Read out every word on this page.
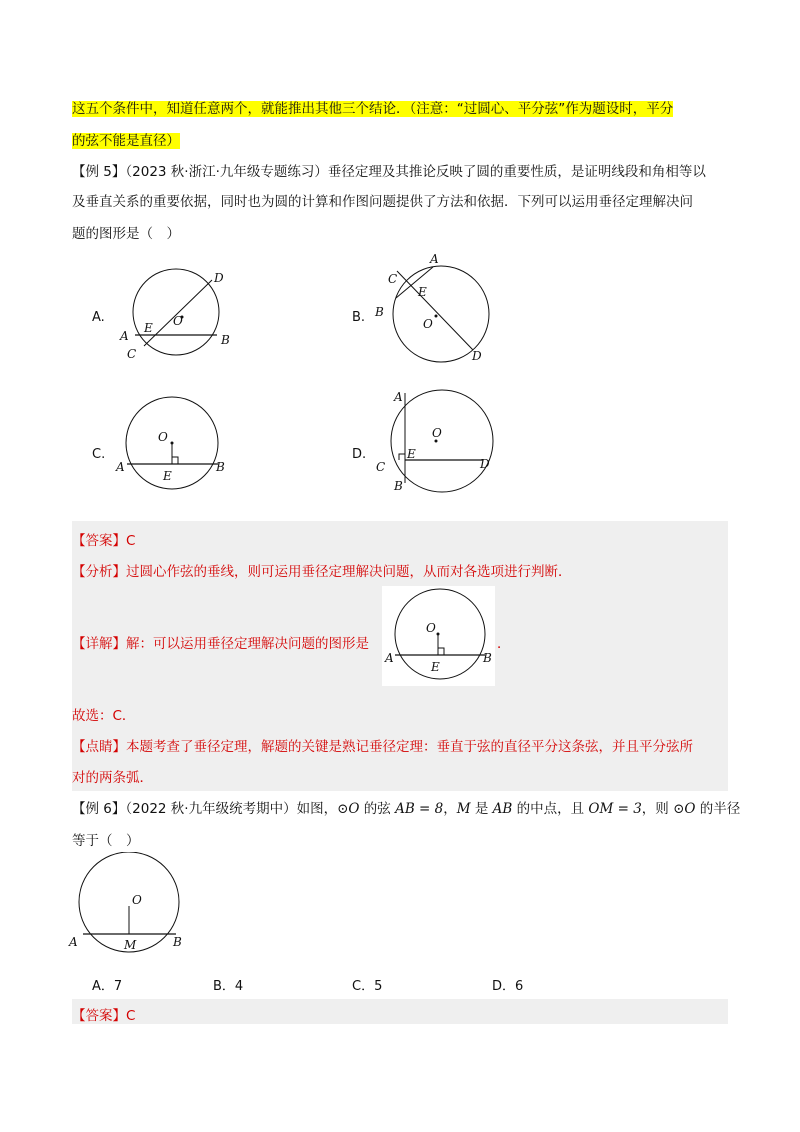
这五个条件中，知道任意两个，就能推出其他三个结论．（注意：“过圆心、平分弦”作为题设时，平分
的弦不能是直径）
【例 5】（2023 秋·浙江·九年级专题练习）垂径定理及其推论反映了圆的重要性质，是证明线段和角相等以
及垂直关系的重要依据，同时也为圆的计算和作图问题提供了方法和依据．下列可以运用垂径定理解决问
题的图形是（　）
A.
D
O
A
E
B
C
B.
A
C
E
B
O
D
C.
O
A	B
E
D.
A
O
E
C	D
B
【答案】C
【分析】过圆心作弦的垂线，则可运用垂径定理解决问题，从而对各选项进行判断．
【详解】解：可以运用垂径定理解决问题的图形是
O
A
E
B
．
故选：C．
【点睛】本题考查了垂径定理，解题的关键是熟记垂径定理：垂直于弦的直径平分这条弦，并且平分弦所
对的两条弧．
【例 6】（2022 秋·九年级统考期中）如图，⊙O 的弦 AB = 8，M 是 AB 的中点，且 OM = 3，则 ⊙O 的半径
等于（　）
O
A	M	B
A．7	B．4	C．5	D．6
【答案】C
